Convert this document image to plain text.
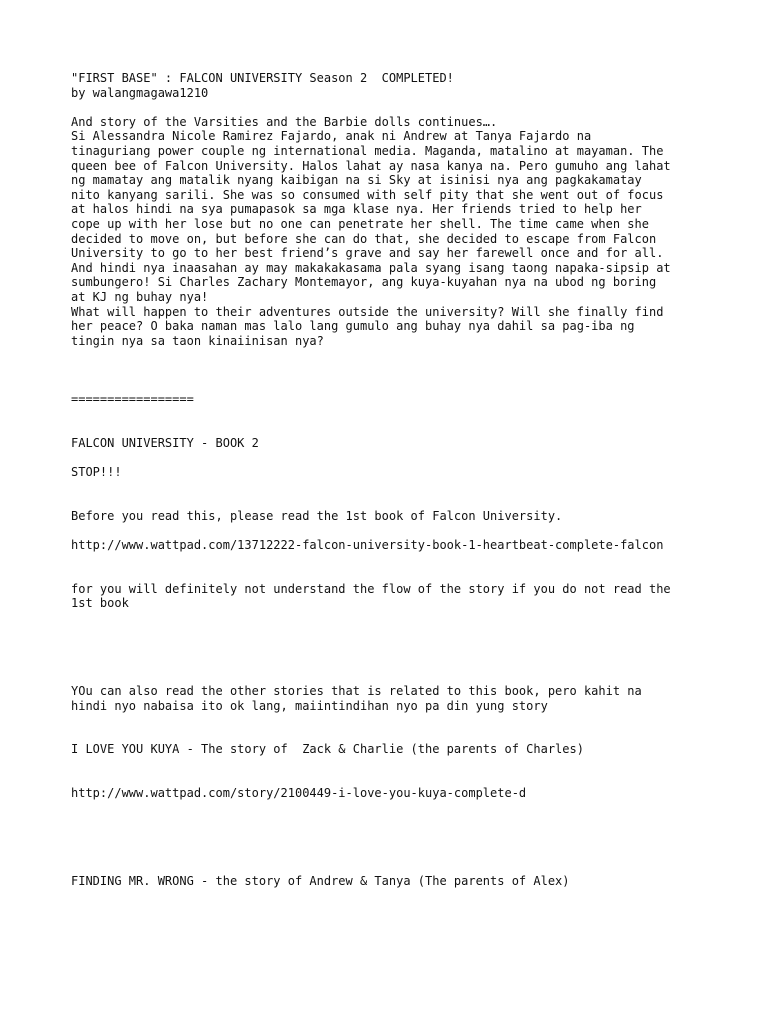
"FIRST BASE" : FALCON UNIVERSITY Season 2  COMPLETED!
by walangmagawa1210
And story of the Varsities and the Barbie dolls continues….
Si Alessandra Nicole Ramirez Fajardo, anak ni Andrew at Tanya Fajardo na
tinaguriang power couple ng international media. Maganda, matalino at mayaman. The
queen bee of Falcon University. Halos lahat ay nasa kanya na. Pero gumuho ang lahat
ng mamatay ang matalik nyang kaibigan na si Sky at isinisi nya ang pagkakamatay
nito kanyang sarili. She was so consumed with self pity that she went out of focus
at halos hindi na sya pumapasok sa mga klase nya. Her friends tried to help her
cope up with her lose but no one can penetrate her shell. The time came when she
decided to move on, but before she can do that, she decided to escape from Falcon
University to go to her best friend’s grave and say her farewell once and for all.
And hindi nya inaasahan ay may makakakasama pala syang isang taong napaka-sipsip at
sumbungero! Si Charles Zachary Montemayor, ang kuya-kuyahan nya na ubod ng boring
at KJ ng buhay nya!
What will happen to their adventures outside the university? Will she finally find
her peace? O baka naman mas lalo lang gumulo ang buhay nya dahil sa pag-iba ng
tingin nya sa taon kinaiinisan nya?
=================
FALCON UNIVERSITY - BOOK 2
STOP!!!
Before you read this, please read the 1st book of Falcon University.
http://www.wattpad.com/13712222-falcon-university-book-1-heartbeat-complete-falcon
for you will definitely not understand the flow of the story if you do not read the
1st book
YOu can also read the other stories that is related to this book, pero kahit na
hindi nyo nabaisa ito ok lang, maiintindihan nyo pa din yung story
I LOVE YOU KUYA - The story of  Zack & Charlie (the parents of Charles)
http://www.wattpad.com/story/2100449-i-love-you-kuya-complete-d
FINDING MR. WRONG - the story of Andrew & Tanya (The parents of Alex)
